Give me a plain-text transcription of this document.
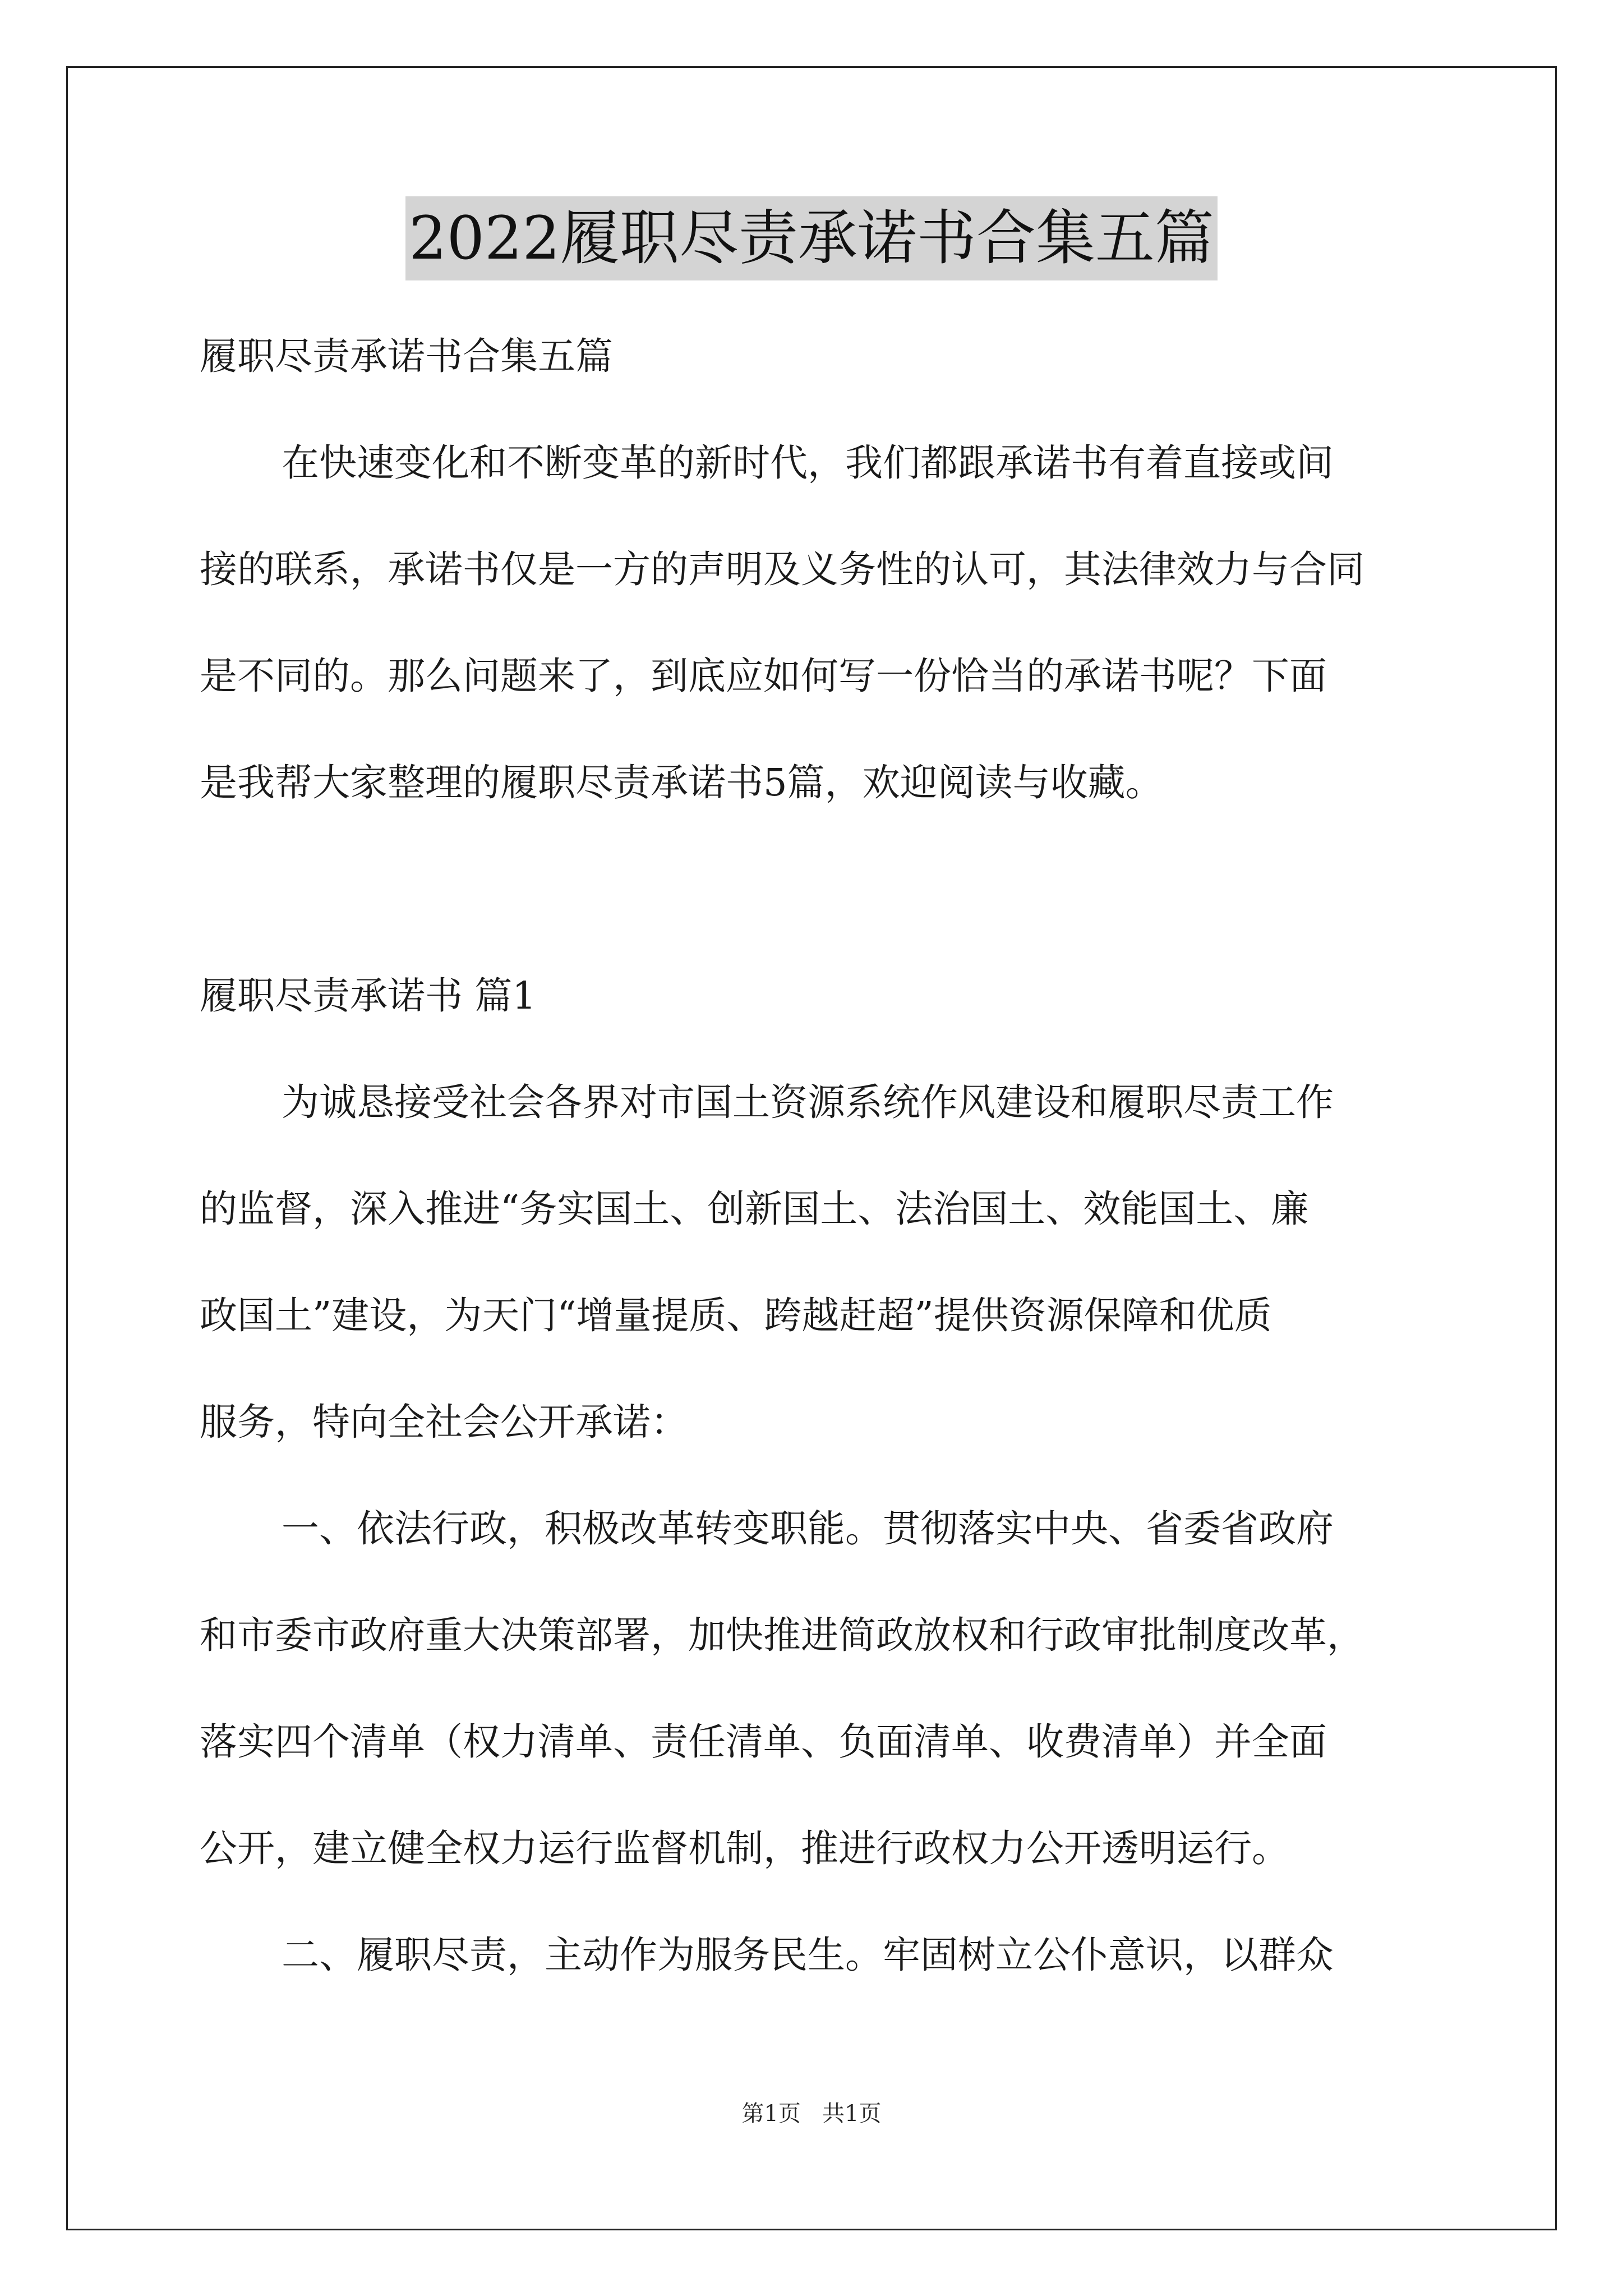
2022履职尽责承诺书合集五篇
履职尽责承诺书合集五篇
在快速变化和不断变革的新时代，我们都跟承诺书有着直接或间
接的联系，承诺书仅是一方的声明及义务性的认可，其法律效力与合同
是不同的。那么问题来了，到底应如何写一份恰当的承诺书呢？下面
是我帮大家整理的履职尽责承诺书5篇，欢迎阅读与收藏。
履职尽责承诺书 篇1
为诚恳接受社会各界对市国土资源系统作风建设和履职尽责工作
的监督，深入推进“务实国土、创新国土、法治国土、效能国土、廉
政国土”建设，为天门“增量提质、跨越赶超”提供资源保障和优质
服务，特向全社会公开承诺：
一、依法行政，积极改革转变职能。贯彻落实中央、省委省政府
和市委市政府重大决策部署，加快推进简政放权和行政审批制度改革，
落实四个清单（权力清单、责任清单、负面清单、收费清单）并全面
公开，建立健全权力运行监督机制，推进行政权力公开透明运行。
二、履职尽责，主动作为服务民生。牢固树立公仆意识，以群众
第1页   共1页
